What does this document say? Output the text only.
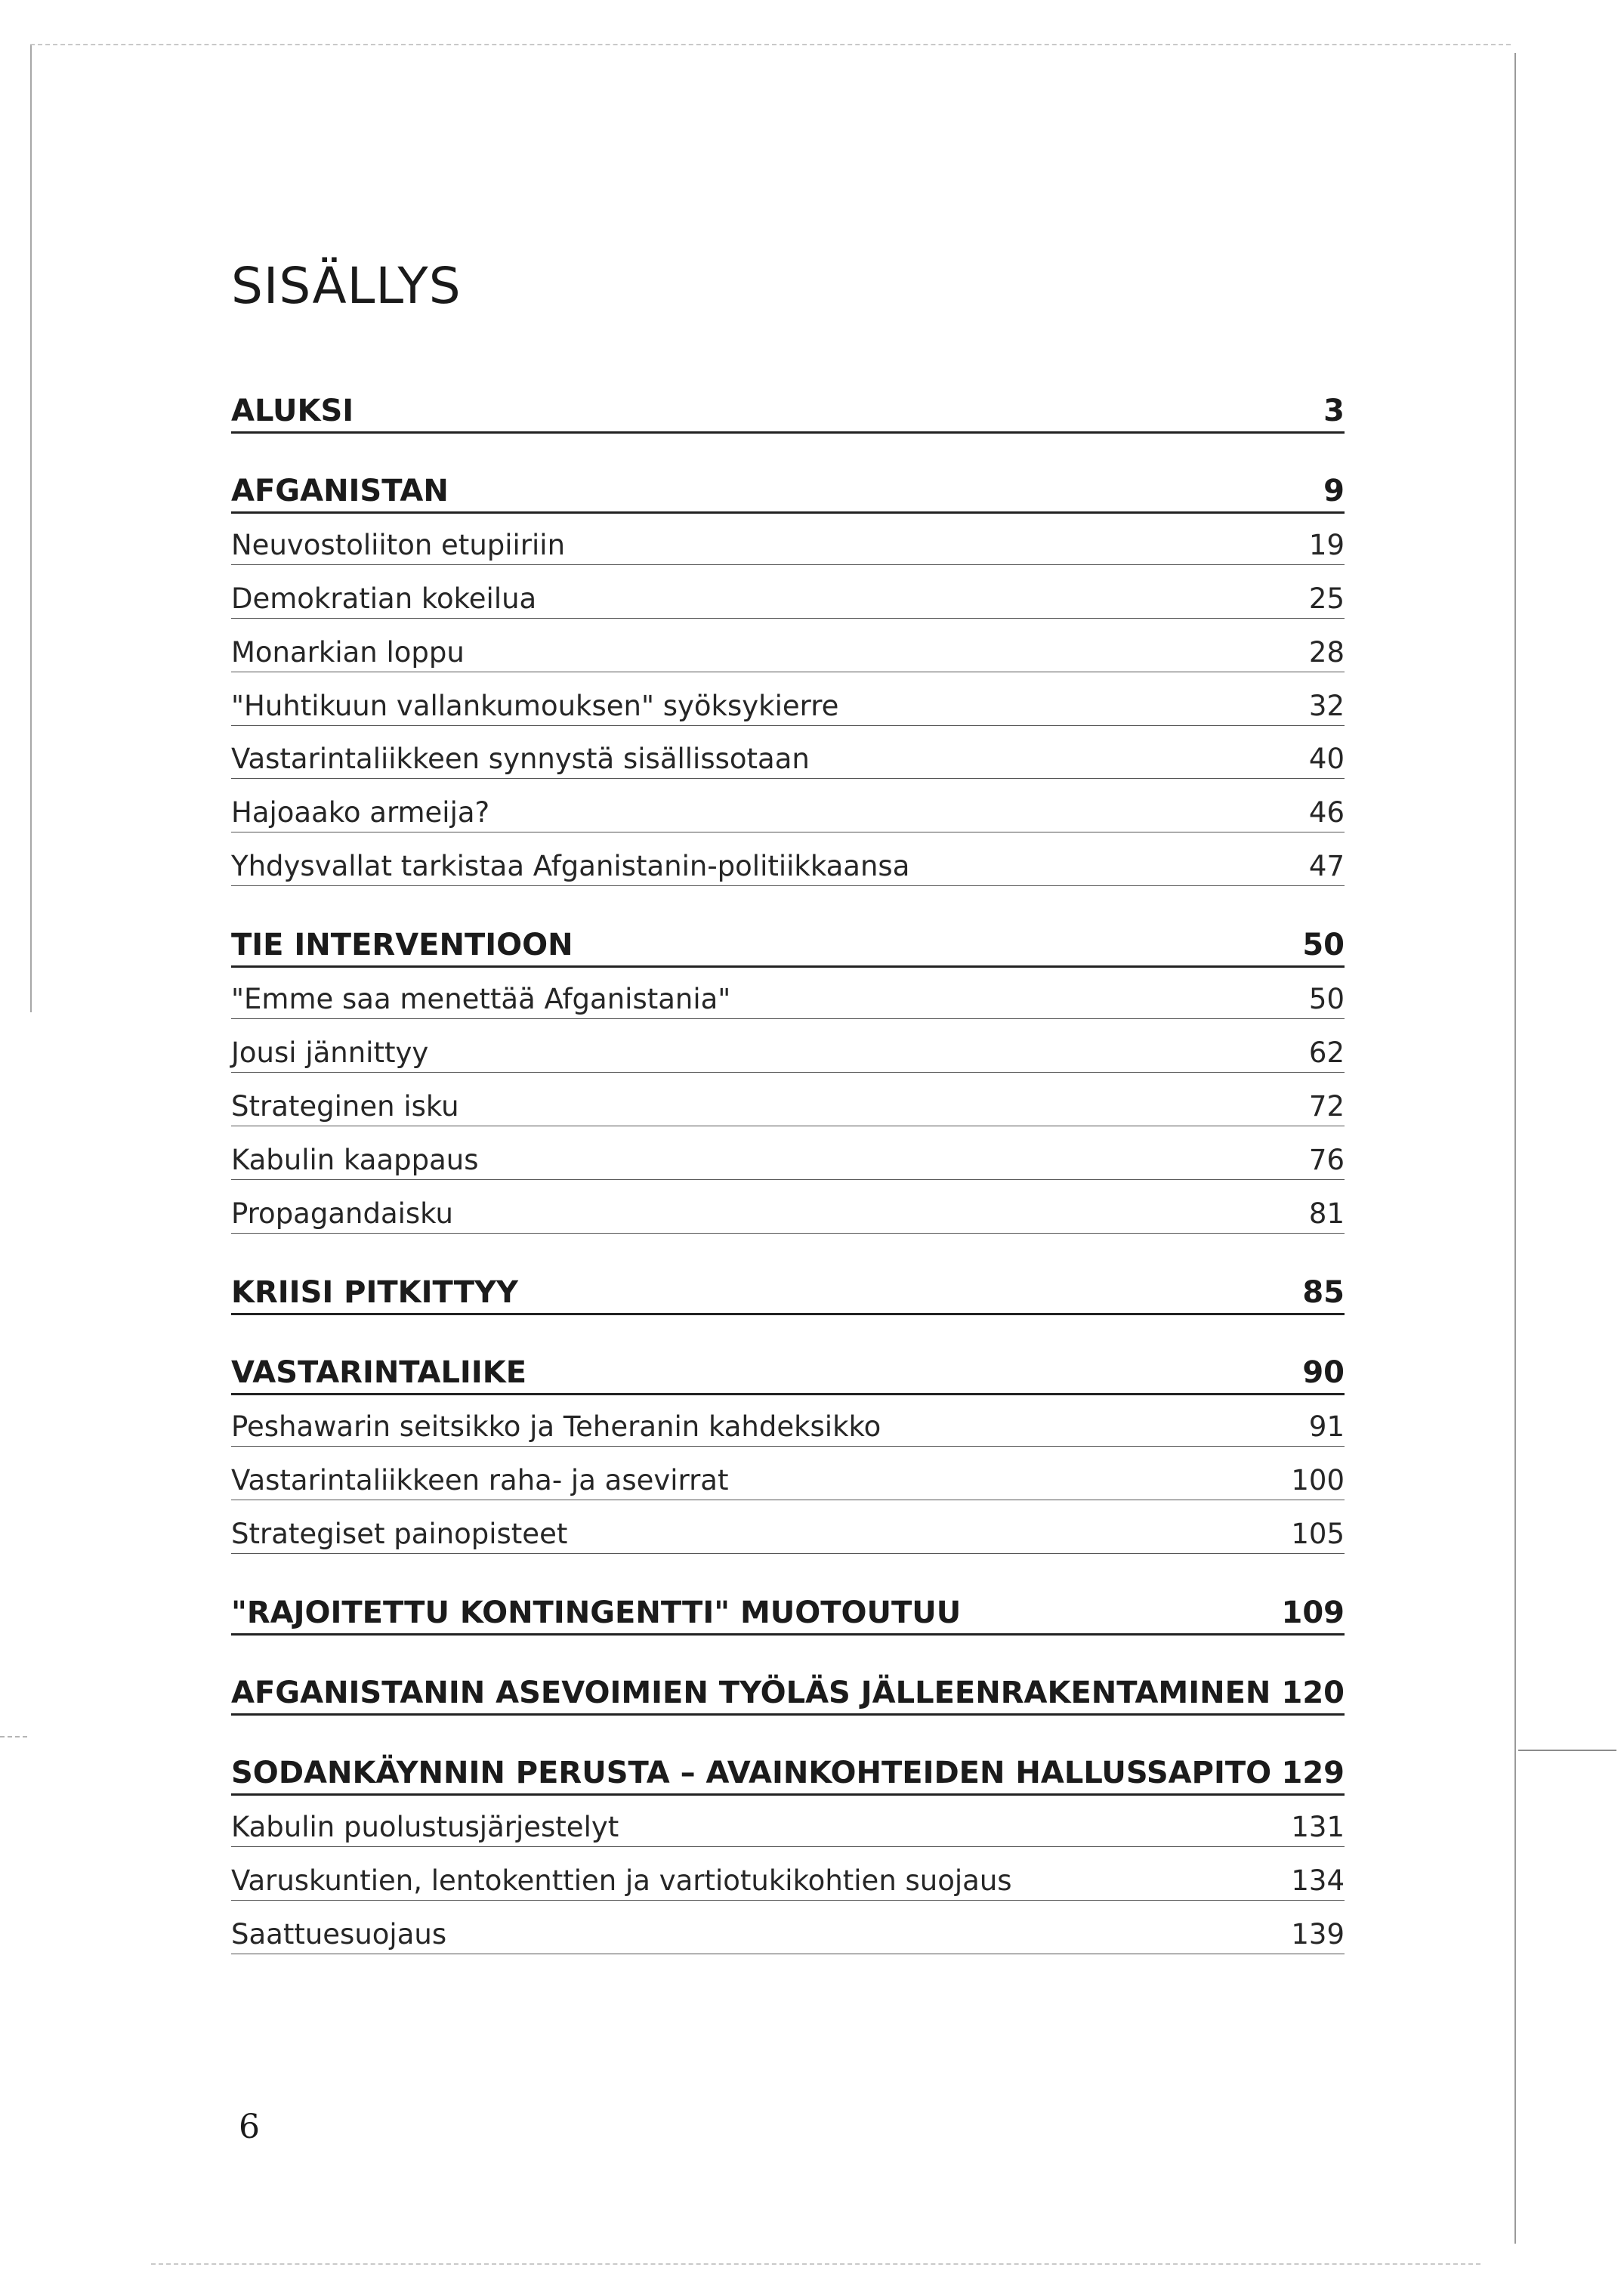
SISÄLLYS
ALUKSI	3
AFGANISTAN	9
Neuvostoliiton etupiiriin	19
Demokratian kokeilua	25
Monarkian loppu	28
"Huhtikuun vallankumouksen" syöksykierre	32
Vastarintaliikkeen synnystä sisällissotaan	40
Hajoaako armeija?	46
Yhdysvallat tarkistaa Afganistanin-politiikkaansa	47
TIE INTERVENTIOON	50
"Emme saa menettää Afganistania"	50
Jousi jännittyy	62
Strateginen isku	72
Kabulin kaappaus	76
Propagandaisku	81
KRIISI PITKITTYY	85
VASTARINTALIIKE	90
Peshawarin seitsikko ja Teheranin kahdeksikko	91
Vastarintaliikkeen raha- ja asevirrat	100
Strategiset painopisteet	105
"RAJOITETTU KONTINGENTTI" MUOTOUTUU	109
AFGANISTANIN ASEVOIMIEN TYÖLÄS JÄLLEENRAKENTAMINEN 120
SODANKÄYNNIN PERUSTA – AVAINKOHTEIDEN HALLUSSAPITO 129
Kabulin puolustusjärjestelyt	131
Varuskuntien, lentokenttien ja vartiotukikohtien suojaus	134
Saattuesuojaus	139
6
